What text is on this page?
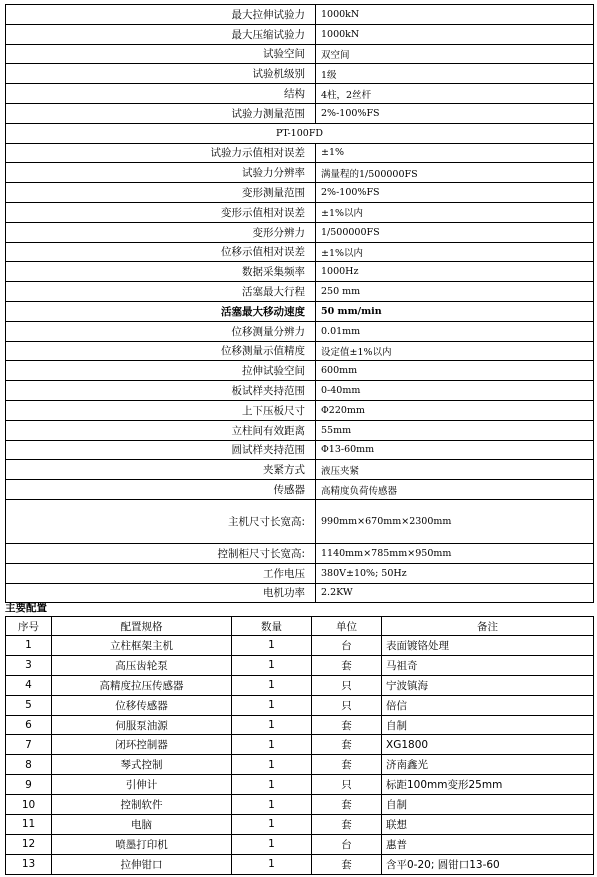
最大拉伸试验力	1000kN
最大压缩试验力	1000kN
试验空间	双空间
试验机级别	1级
结构	4柱，2丝杆
试验力测量范围	2%-100%FS
PT-100FD	
试验力示值相对误差	±1%
试验力分辨率	满量程的1/500000FS
变形测量范围	2%-100%FS
变形示值相对误差	±1%以内
变形分辨力	1/500000FS
位移示值相对误差	±1%以内
数据采集频率	1000Hz
活塞最大行程	250 mm
活塞最大移动速度	50 mm/min
位移测量分辨力	0.01mm
位移测量示值精度	设定值±1%以内
拉伸试验空间	600mm
板试样夹持范围	0-40mm
上下压板尺寸	Φ220mm
立柱间有效距离	55mm
圆试样夹持范围	Φ13-60mm
夹紧方式	液压夹紧
传感器	高精度负荷传感器
主机尺寸长宽高:	990mm×670mm×2300mm
控制柜尺寸长宽高:	1140mm×785mm×950mm
工作电压	380V±10%; 50Hz
电机功率	2.2KW
主要配置
序号	配置规格	数量	单位	备注
1	立柱框架主机	1	台	表面镀铬处理
3	高压齿轮泵	1	套	马祖奇
4	高精度拉压传感器	1	只	宁波镇海
5	位移传感器	1	只	倍信
6	伺服泵油源	1	套	自制
7	闭环控制器	1	套	XG1800
8	琴式控制	1	套	济南鑫光
9	引伸计	1	只	标距100mm变形25mm
10	控制软件	1	套	自制
11	电脑	1	套	联想
12	喷墨打印机	1	台	惠普
13	拉伸钳口	1	套	含平0-20; 圆钳口13-60
